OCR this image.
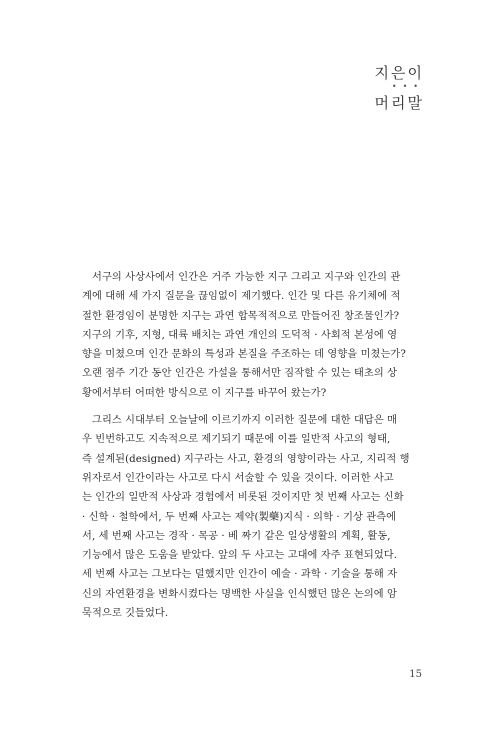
지은이
•••
머리말
서구의 사상사에서 인간은 거주 가능한 지구 그리고 지구와 인간의 관
계에 대해 세 가지 질문을 끊임없이 제기했다. 인간 및 다른 유기체에 적
절한 환경임이 분명한 지구는 과연 합목적적으로 만들어진 창조물인가?
지구의 기후, 지형, 대륙 배치는 과연 개인의 도덕적 · 사회적 본성에 영
향을 미쳤으며 인간 문화의 특성과 본질을 주조하는 데 영향을 미쳤는가?
오랜 점주 기간 동안 인간은 가설을 통해서만 짐작할 수 있는 태초의 상
황에서부터 어떠한 방식으로 이 지구를 바꾸어 왔는가?
그리스 시대부터 오늘날에 이르기까지 이러한 질문에 대한 대답은 매
우 빈번하고도 지속적으로 제기되기 때문에 이를 일반적 사고의 형태,
즉 설계된(designed) 지구라는 사고, 환경의 영향이라는 사고, 지리적 행
위자로서 인간이라는 사고로 다시 서술할 수 있을 것이다. 이러한 사고
는 인간의 일반적 사상과 경험에서 비롯된 것이지만 첫 번째 사고는 신화
· 신학 · 철학에서, 두 번째 사고는 제약(製藥)지식 · 의학 · 기상 관측에
서, 세 번째 사고는 경작 · 목공 · 베 짜기 같은 일상생활의 계획, 활동,
기능에서 많은 도움을 받았다. 앞의 두 사고는 고대에 자주 표현되었다.
세 번째 사고는 그보다는 덜했지만 인간이 예술 · 과학 · 기술을 통해 자
신의 자연환경을 변화시켰다는 명백한 사실을 인식했던 많은 논의에 암
묵적으로 깃들었다.
15
